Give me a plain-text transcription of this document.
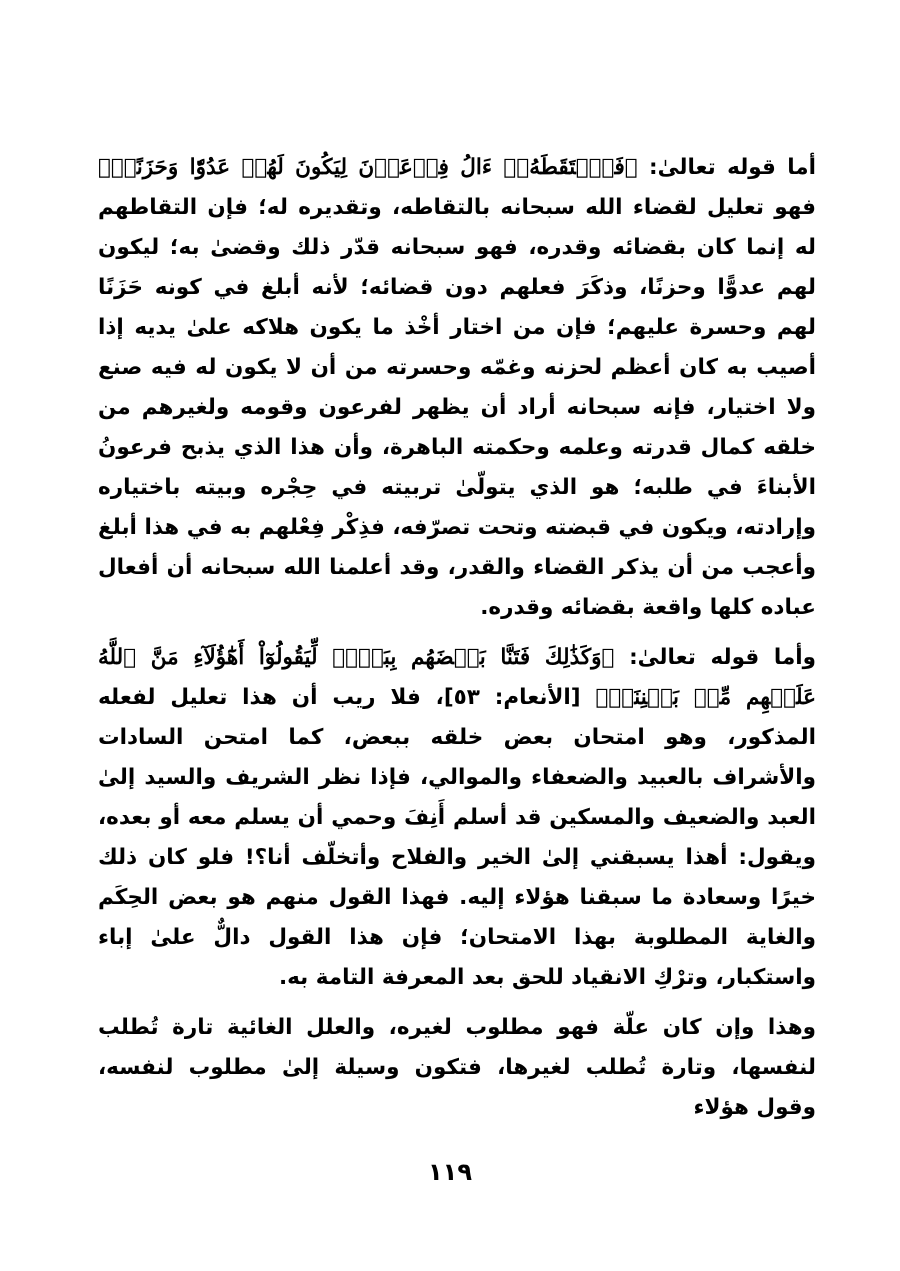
أما قوله تعالىٰ: ﴿فَٱلۡتَقَطَهُۥٓ ءَالُ فِرۡعَوۡنَ لِيَكُونَ لَهُمۡ عَدُوّٗا وَحَزَنًاۗ﴾ فهو تعليل لقضاء الله سبحانه بالتقاطه، وتقديره له؛ فإن التقاطهم له إنما كان بقضائه وقدره، فهو سبحانه قدّر ذلك وقضىٰ به؛ ليكون لهم عدوًّا وحزنًا، وذكَرَ فعلهم دون قضائه؛ لأنه أبلغ في كونه حَزَنًا لهم وحسرة عليهم؛ فإن من اختار أخْذ ما يكون هلاكه علىٰ يديه إذا أصيب به كان أعظم لحزنه وغمّه وحسرته من أن لا يكون له فيه صنع ولا اختيار، فإنه سبحانه أراد أن يظهر لفرعون وقومه ولغيرهم من خلقه كمال قدرته وعلمه وحكمته الباهرة، وأن هذا الذي يذبح فرعونُ الأبناءَ في طلبه؛ هو الذي يتولّىٰ تربيته في حِجْره وبيته باختياره وإرادته، ويكون في قبضته وتحت تصرّفه، فذِكْر فِعْلهم به في هذا أبلغ وأعجب من أن يذكر القضاء والقدر، وقد أعلمنا الله سبحانه أن أفعال عباده كلها واقعة بقضائه وقدره.

وأما قوله تعالىٰ: ﴿وَكَذَٰلِكَ فَتَنَّا بَعۡضَهُم بِبَعۡضٖ لِّيَقُولُوٓاْ أَهَٰٓؤُلَآءِ مَنَّ ٱللَّهُ عَلَيۡهِم مِّنۢ بَيۡنِنَآۗ﴾ [الأنعام: ٥٣]، فلا ريب أن هذا تعليل لفعله المذكور، وهو امتحان بعض خلقه ببعض، كما امتحن السادات والأشراف بالعبيد والضعفاء والموالي، فإذا نظر الشريف والسيد إلىٰ العبد والضعيف والمسكين قد أسلم أَنِفَ وحمي أن يسلم معه أو بعده، ويقول: أهذا يسبقني إلىٰ الخير والفلاح وأتخلّف أنا؟! فلو كان ذلك خيرًا وسعادة ما سبقنا هؤلاء إليه. فهذا القول منهم هو بعض الحِكَم والغاية المطلوبة بهذا الامتحان؛ فإن هذا القول دالٌّ علىٰ إباء واستكبار، وترْكِ الانقياد للحق بعد المعرفة التامة به.

وهذا وإن كان علّة فهو مطلوب لغيره، والعلل الغائية تارة تُطلب لنفسها، وتارة تُطلب لغيرها، فتكون وسيلة إلىٰ مطلوب لنفسه، وقول هؤلاء

١١٩
